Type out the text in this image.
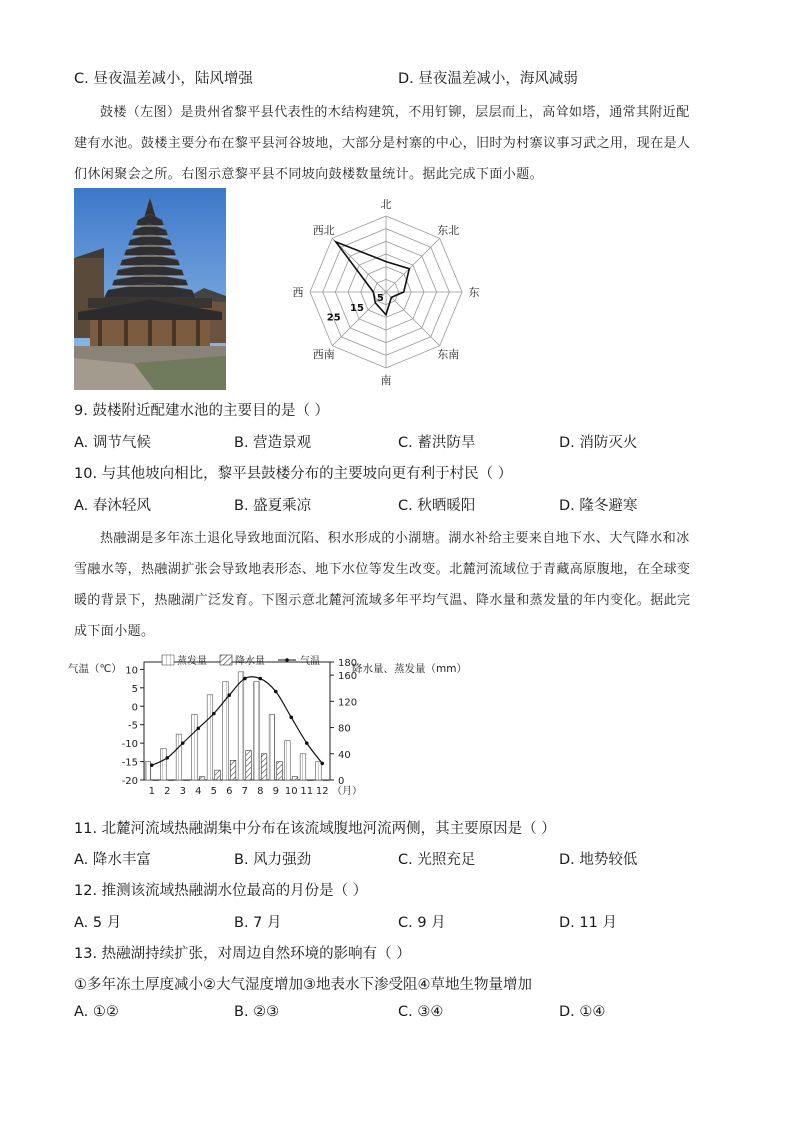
C. 昼夜温差减小，陆风增强	D. 昼夜温差减小，海风减弱
鼓楼（左图）是贵州省黎平县代表性的木结构建筑，不用钉铆，层层而上，高耸如塔，通常其附近配
建有水池。鼓楼主要分布在黎平县河谷坡地，大部分是村寨的中心，旧时为村寨议事习武之用，现在是人
们休闲聚会之所。右图示意黎平县不同坡向鼓楼数量统计。据此完成下面小题。
北
东北
东
东南
南
西南
西
西北
5
15
25
9. 鼓楼附近配建水池的主要目的是（ ）
A. 调节气候	B. 营造景观	C. 蓄洪防旱	D. 消防灭火
10. 与其他坡向相比，黎平县鼓楼分布的主要坡向更有利于村民（ ）
A. 春沐轻风	B. 盛夏乘凉	C. 秋晒暖阳	D. 隆冬避寒
热融湖是多年冻土退化导致地面沉陷、积水形成的小湖塘。湖水补给主要来自地下水、大气降水和冰
雪融水等，热融湖扩张会导致地表形态、地下水位等发生改变。北麓河流域位于青藏高原腹地，在全球变
暖的背景下，热融湖广泛发育。下图示意北麓河流域多年平均气温、降水量和蒸发量的年内变化。据此完
成下面小题。
10
5
0
-5
-10
-15
-20
180
160
120
80
40
0
1 2 3 4 5 6 7 8 9 10 11 12 （月）
气温（℃）	降水量、蒸发量（mm）
蒸发量	降水量	气温
11. 北麓河流域热融湖集中分布在该流域腹地河流两侧，其主要原因是（ ）
A. 降水丰富	B. 风力强劲	C. 光照充足	D. 地势较低
12. 推测该流域热融湖水位最高的月份是（ ）
A. 5 月	B. 7 月	C. 9 月	D. 11 月
13. 热融湖持续扩张，对周边自然环境的影响有（ ）
①多年冻土厚度减小②大气湿度增加③地表水下渗受阻④草地生物量增加
A. ①②	B. ②③	C. ③④	D. ①④
